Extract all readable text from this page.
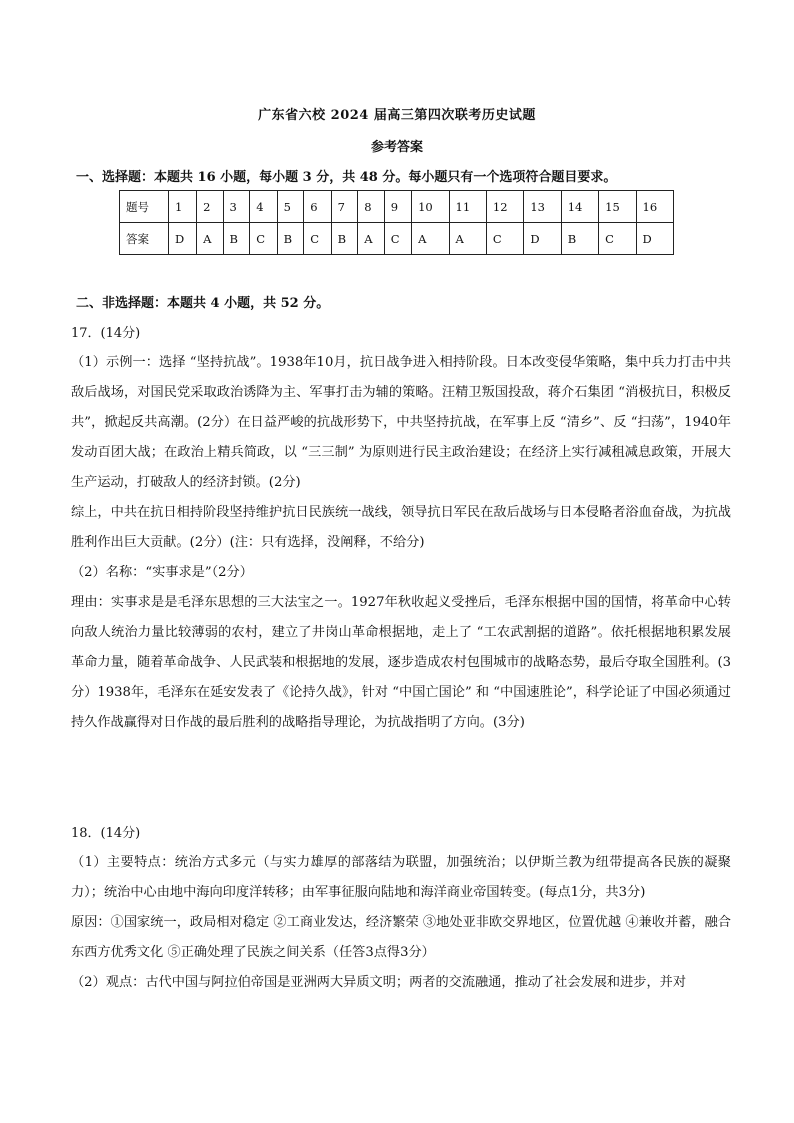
广东省六校 2024 届高三第四次联考历史试题
参考答案
一、选择题：本题共 16 小题，每小题 3 分，共 48 分。每小题只有一个选项符合题目要求。
题号	1	2	3	4	5	6	7	8	9	10	11	12	13	14	15	16
答案	D	A	B	C	B	C	B	A	C	A	A	C	D	B	C	D
二、非选择题：本题共 4 小题，共 52 分。
17．(14分)

（1）示例一：选择 “坚持抗战”。1938年10月，抗日战争进入相持阶段。日本改变侵华策略，集中兵力打击中共敌后战场，对国民党采取政治诱降为主、军事打击为辅的策略。汪精卫叛国投敌，蒋介石集团 “消极抗日，积极反共”，掀起反共高潮。(2分）在日益严峻的抗战形势下，中共坚持抗战，在军事上反 “清乡”、反 “扫荡”，1940年发动百团大战；在政治上精兵简政，以 “三三制” 为原则进行民主政治建设；在经济上实行减租减息政策，开展大生产运动，打破敌人的经济封锁。(2分)

综上，中共在抗日相持阶段坚持维护抗日民族统一战线，领导抗日军民在敌后战场与日本侵略者浴血奋战，为抗战胜利作出巨大贡献。(2分）(注：只有选择，没阐释，不给分)

（2）名称：“实事求是”（2分）

理由：实事求是是毛泽东思想的三大法宝之一。1927年秋收起义受挫后，毛泽东根据中国的国情，将革命中心转向敌人统治力量比较薄弱的农村，建立了井岗山革命根据地，走上了 “工农武割据的道路”。依托根据地积累发展革命力量，随着革命战争、人民武装和根据地的发展，逐步造成农村包围城市的战略态势，最后夺取全国胜利。(3分）1938年，毛泽东在延安发表了《论持久战》，针对 “中国亡国论” 和 “中国速胜论”，科学论证了中国必须通过持久作战赢得对日作战的最后胜利的战略指导理论，为抗战指明了方向。(3分)

18．(14分)

（1）主要特点：统治方式多元（与实力雄厚的部落结为联盟，加强统治；以伊斯兰教为纽带提高各民族的凝聚力）；统治中心由地中海向印度洋转移；由军事征服向陆地和海洋商业帝国转变。(每点1分，共3分)

原因：①国家统一，政局相对稳定 ②工商业发达，经济繁荣 ③地处亚非欧交界地区，位置优越 ④兼收并蓄，融合东西方优秀文化 ⑤正确处理了民族之间关系（任答3点得3分）

（2）观点：古代中国与阿拉伯帝国是亚洲两大异质文明；两者的交流融通，推动了社会发展和进步，并对
